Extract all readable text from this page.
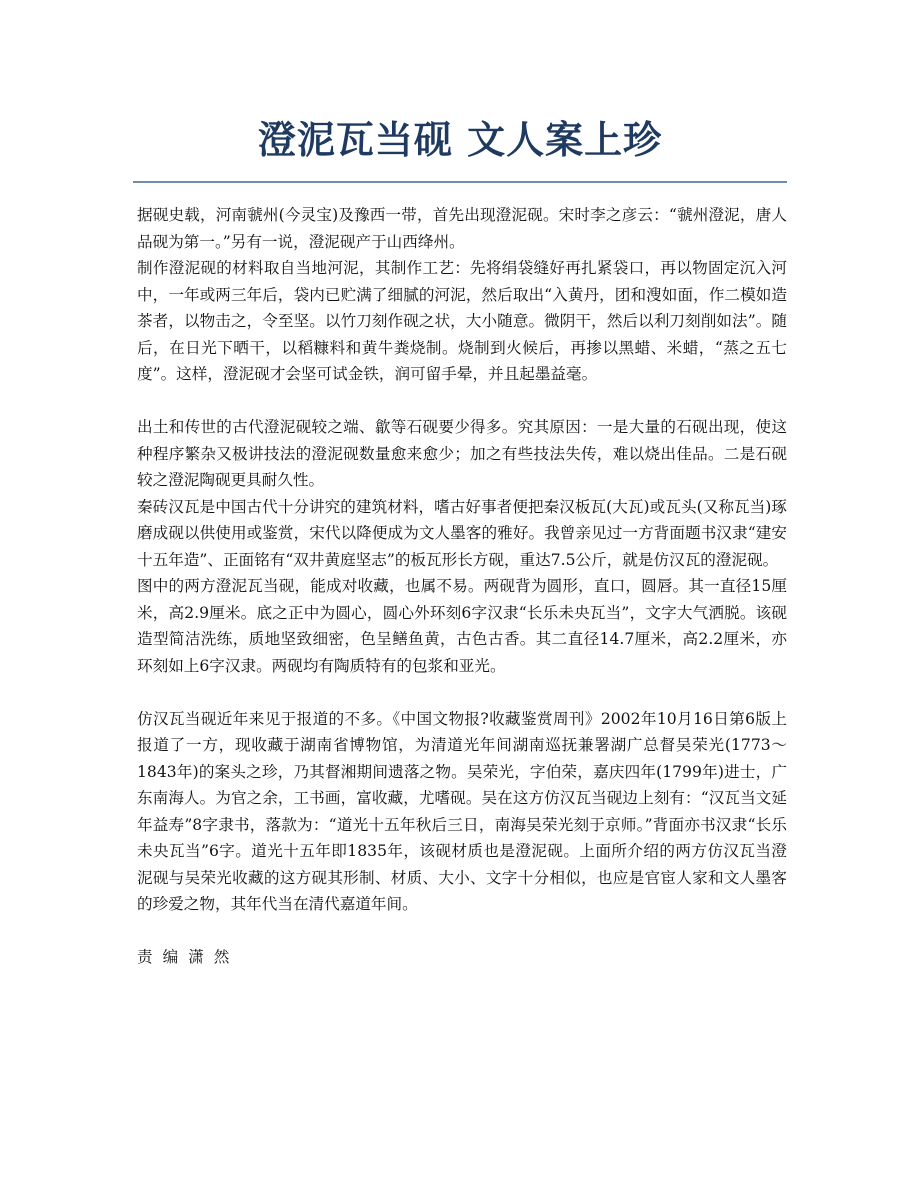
澄泥瓦当砚 文人案上珍

据砚史载，河南虢州(今灵宝)及豫西一带，首先出现澄泥砚。宋时李之彦云：“虢州澄泥，唐人品砚为第一。”另有一说，澄泥砚产于山西绛州。

制作澄泥砚的材料取自当地河泥，其制作工艺：先将绢袋缝好再扎紧袋口，再以物固定沉入河中，一年或两三年后，袋内已贮满了细腻的河泥，然后取出“入黄丹，团和溲如面，作二模如造茶者，以物击之，令至坚。以竹刀刻作砚之状，大小随意。微阴干，然后以利刀刻削如法”。随后，在日光下晒干，以稻糠料和黄牛粪烧制。烧制到火候后，再掺以黑蜡、米蜡，“蒸之五七度”。这样，澄泥砚才会坚可试金铁，润可留手晕，并且起墨益毫。

出土和传世的古代澄泥砚较之端、歙等石砚要少得多。究其原因：一是大量的石砚出现，使这种程序繁杂又极讲技法的澄泥砚数量愈来愈少；加之有些技法失传，难以烧出佳品。二是石砚较之澄泥陶砚更具耐久性。

秦砖汉瓦是中国古代十分讲究的建筑材料，嗜古好事者便把秦汉板瓦(大瓦)或瓦头(又称瓦当)琢磨成砚以供使用或鉴赏，宋代以降便成为文人墨客的雅好。我曾亲见过一方背面题书汉隶“建安十五年造”、正面铭有“双井黄庭坚志”的板瓦形长方砚，重达7.5公斤，就是仿汉瓦的澄泥砚。

图中的两方澄泥瓦当砚，能成对收藏，也属不易。两砚背为圆形，直口，圆唇。其一直径15厘米，高2.9厘米。底之正中为圆心，圆心外环刻6字汉隶“长乐未央瓦当”，文字大气洒脱。该砚造型简洁洗练，质地坚致细密，色呈鳝鱼黄，古色古香。其二直径14.7厘米，高2.2厘米，亦环刻如上6字汉隶。两砚均有陶质特有的包浆和亚光。

仿汉瓦当砚近年来见于报道的不多。《中国文物报?收藏鉴赏周刊》2002年10月16日第6版上报道了一方，现收藏于湖南省博物馆，为清道光年间湖南巡抚兼署湖广总督吴荣光(1773～1843年)的案头之珍，乃其督湘期间遗落之物。吴荣光，字伯荣，嘉庆四年(1799年)进士，广东南海人。为官之余，工书画，富收藏，尤嗜砚。吴在这方仿汉瓦当砚边上刻有：“汉瓦当文延年益寿”8字隶书，落款为：“道光十五年秋后三日，南海吴荣光刻于京师。”背面亦书汉隶“长乐未央瓦当”6字。道光十五年即1835年，该砚材质也是澄泥砚。上面所介绍的两方仿汉瓦当澄泥砚与吴荣光收藏的这方砚其形制、材质、大小、文字十分相似，也应是官宦人家和文人墨客的珍爱之物，其年代当在清代嘉道年间。

责编潇然
